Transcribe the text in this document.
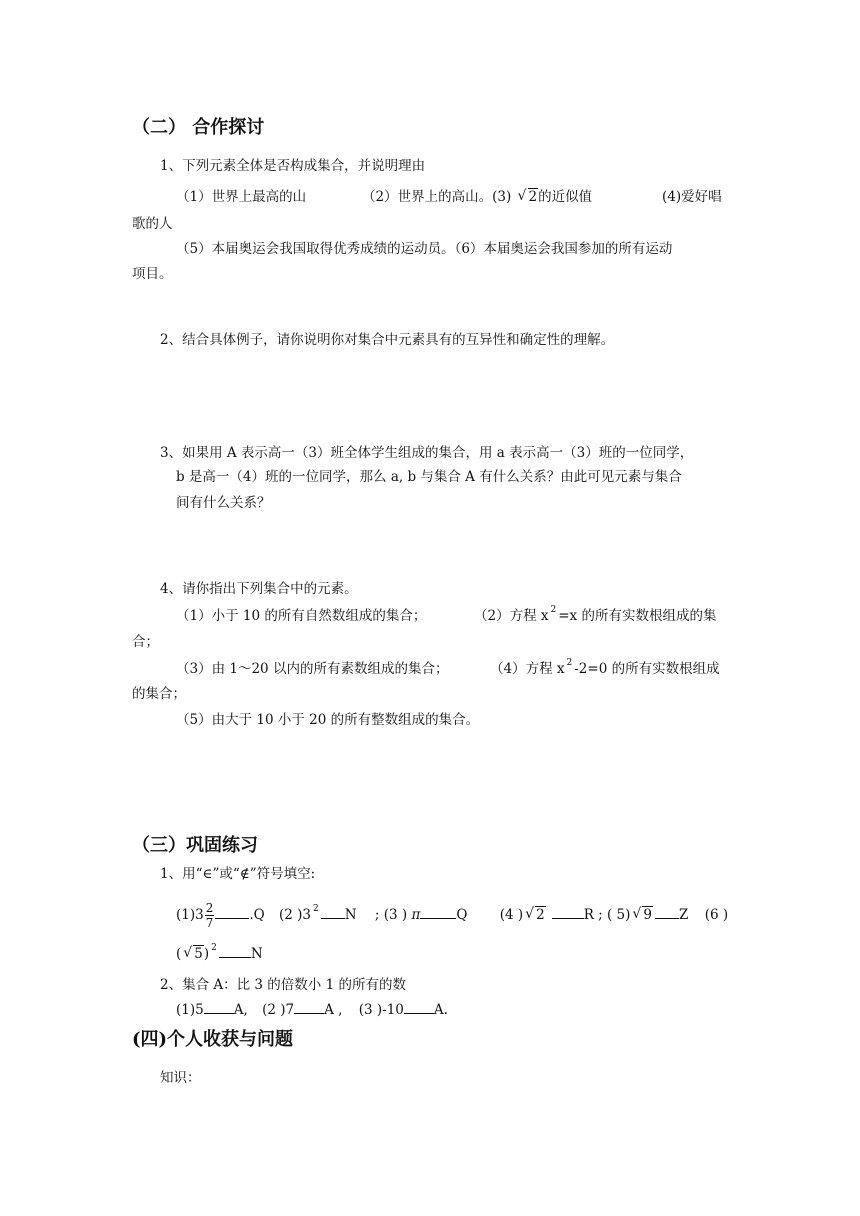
（二） 合作探讨
1、下列元素全体是否构成集合，并说明理由
（1）世界上最高的山	（2）世界上的高山。(3) √ 2的近似值	(4)爱好唱
歌的人
（5）本届奥运会我国取得优秀成绩的运动员。（6）本届奥运会我国参加的所有运动
项目。
2、结合具体例子，请你说明你对集合中元素具有的互异性和确定性的理解。
3、如果用 A 表示高一（3）班全体学生组成的集合，用 a 表示高一（3）班的一位同学，
b 是高一（4）班的一位同学，那么 a, b 与集合 A 有什么关系？由此可见元素与集合
间有什么关系？
4、请你指出下列集合中的元素。
（1）小于 10 的所有自然数组成的集合；	（2）方程 x $^2$ =x 的所有实数根组成的集
合；
（3）由 1～20 以内的所有素数组成的集合；	（4）方程 x $^2$ -2=0 的所有实数根组成
的集合；
（5）由大于 10 小于 20 的所有整数组成的集合。
（三）巩固练习
1、用“∈”或“∉”符号填空:
$(1)3 \frac{2}{7}$	.Q (2 )3 $^2$ N ; (3 ) π	Q (4 ) √ 2	R ; ( 5) √ 9 Z (6 )
( √ 5) $^2$	N
2、集合 A：比 3 的倍数小 1 的所有的数
(1)5 A, (2 )7 A , (3 )-10 A.
(四)个人收获与问题
知识：
